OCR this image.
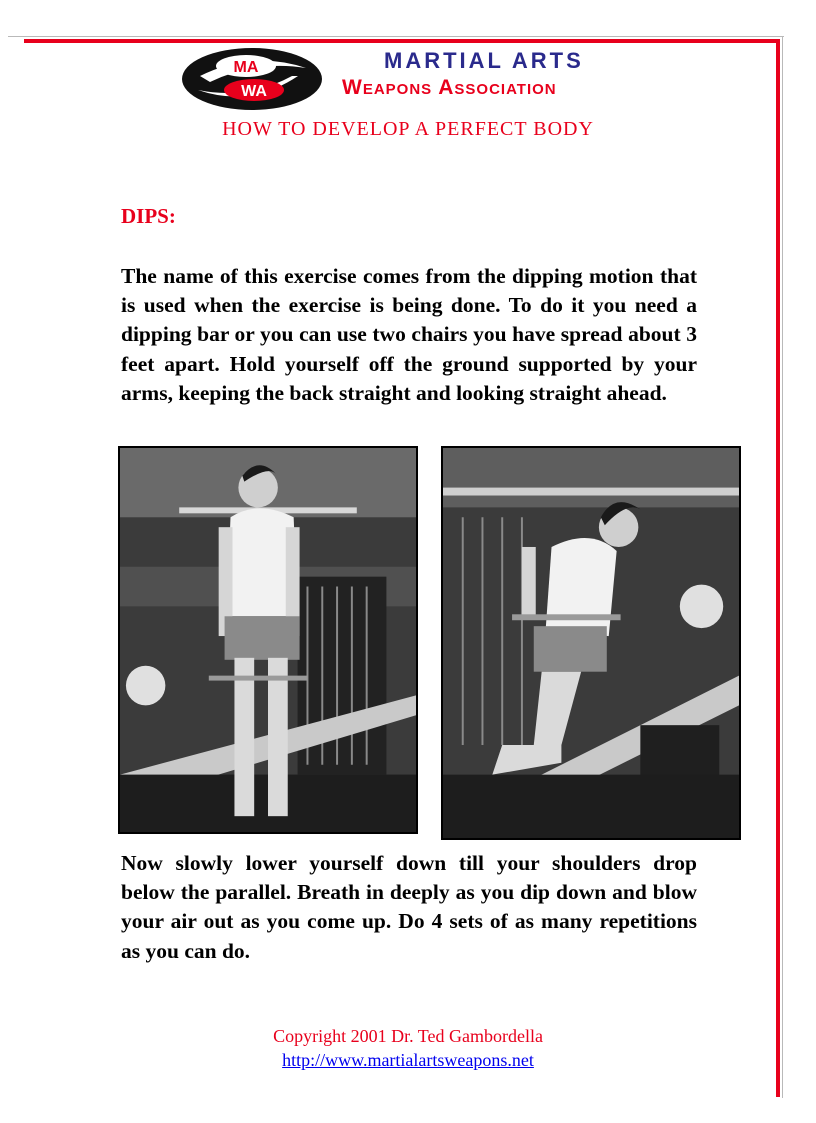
MA
WA
MARTIAL ARTS
Weapons Association
HOW TO DEVELOP A PERFECT BODY
DIPS:

The name of this exercise comes from the dipping motion that is used when the exercise is being done. To do it you need a dipping bar or you can use two chairs you have spread about 3 feet apart. Hold yourself off the ground supported by your arms, keeping the back straight and looking straight ahead.

Now slowly lower yourself down till your shoulders drop below the parallel. Breath in deeply as you dip down and blow your air out as you come up. Do 4 sets of as many repetitions as you can do.

Copyright 2001 Dr. Ted Gambordella
http://www.martialartsweapons.net
